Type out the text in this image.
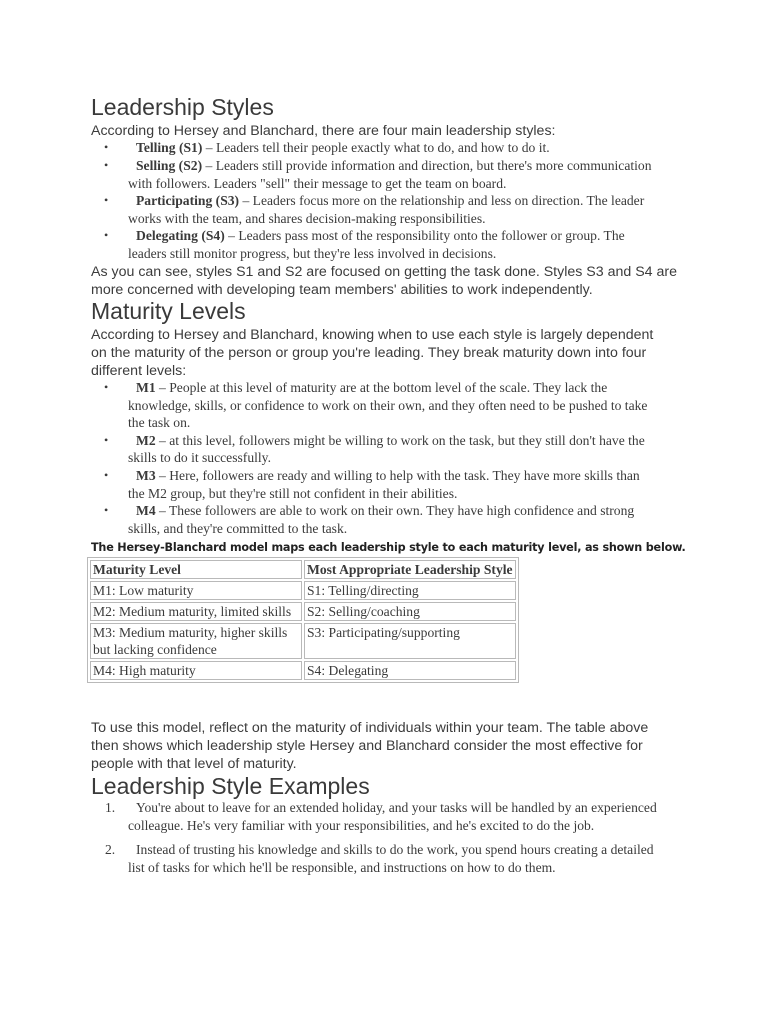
Leadership Styles
According to Hersey and Blanchard, there are four main leadership styles:
• Telling (S1) – Leaders tell their people exactly what to do, and how to do it.
• Selling (S2) – Leaders still provide information and direction, but there's more communication with followers. Leaders "sell" their message to get the team on board.
• Participating (S3) – Leaders focus more on the relationship and less on direction. The leader works with the team, and shares decision-making responsibilities.
• Delegating (S4) – Leaders pass most of the responsibility onto the follower or group. The leaders still monitor progress, but they're less involved in decisions.
As you can see, styles S1 and S2 are focused on getting the task done. Styles S3 and S4 are more concerned with developing team members' abilities to work independently.
Maturity Levels
According to Hersey and Blanchard, knowing when to use each style is largely dependent on the maturity of the person or group you're leading. They break maturity down into four different levels:
• M1 – People at this level of maturity are at the bottom level of the scale. They lack the knowledge, skills, or confidence to work on their own, and they often need to be pushed to take the task on.
• M2 – at this level, followers might be willing to work on the task, but they still don't have the skills to do it successfully.
• M3 – Here, followers are ready and willing to help with the task. They have more skills than the M2 group, but they're still not confident in their abilities.
• M4 – These followers are able to work on their own. They have high confidence and strong skills, and they're committed to the task.
The Hersey-Blanchard model maps each leadership style to each maturity level, as shown below.
Maturity Level	Most Appropriate Leadership Style
M1: Low maturity	S1: Telling/directing
M2: Medium maturity, limited skills	S2: Selling/coaching
M3: Medium maturity, higher skills but lacking confidence	S3: Participating/supporting
M4: High maturity	S4: Delegating
To use this model, reflect on the maturity of individuals within your team. The table above then shows which leadership style Hersey and Blanchard consider the most effective for people with that level of maturity.
Leadership Style Examples
1. You're about to leave for an extended holiday, and your tasks will be handled by an experienced colleague. He's very familiar with your responsibilities, and he's excited to do the job.
2. Instead of trusting his knowledge and skills to do the work, you spend hours creating a detailed list of tasks for which he'll be responsible, and instructions on how to do them.
